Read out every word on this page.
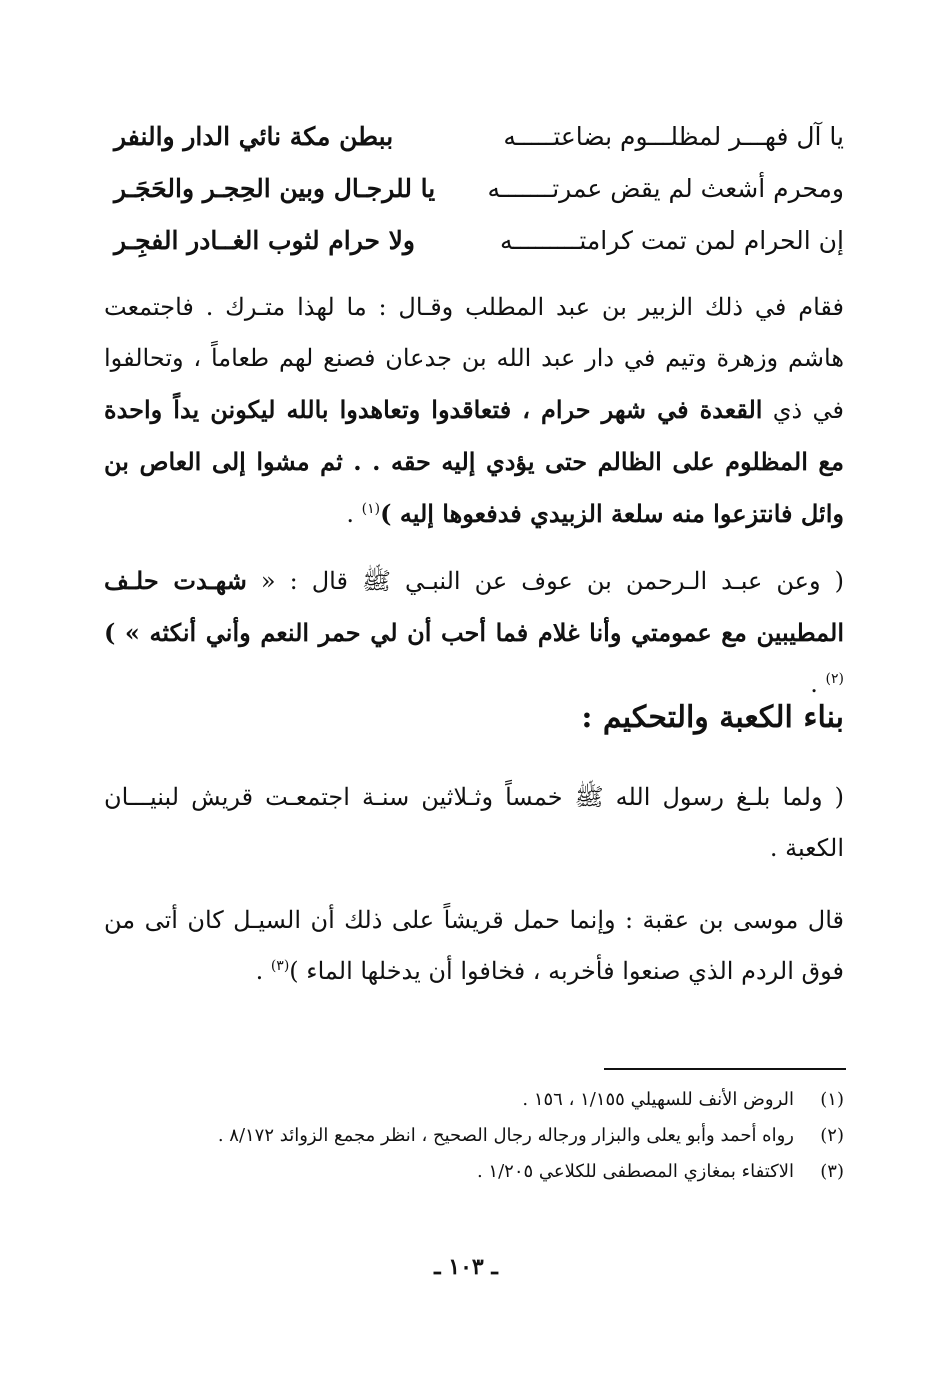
يا آل فهـــر لمظلـــوم بضاعتـــــه
ببطن مكة نائي الدار والنفر
ومحرم أشعث لم يقض عمرتـــــــه
يا للرجـال وبين الحِجـر والحَجَـر
إن الحرام لمن تمت كرامتـــــــــه
ولا حرام لثوب الغــادر الفجِـر
فقام في ذلك الزبير بن عبد المطلب وقـال : ما لهذا متـرك . فاجتمعت هاشم وزهرة وتيم في دار عبد الله بن جدعان فصنع لهم طعاماً ، وتحالفوا في ذي القعدة في شهر حرام ، فتعاقدوا وتعاهدوا بالله ليكونن يداً واحدة مع المظلوم على الظالم حتى يؤدي إليه حقه . . ثم مشوا إلى العاص بن وائل فانتزعوا منه سلعة الزبيدي فدفعوها إليه )$^{(١)}$ .
( وعن عبـد الـرحمن بن عوف عن النبـي ﷺ قال : « شهـدت حلـف المطيبين مع عمومتي وأنا غلام فما أحب أن لي حمر النعم وأني أنكثه » )$^{(٢)}$ .
بناء الكعبة والتحكيم :
( ولما بلـغ رسول الله ﷺ خمساً وثـلاثين سنـة اجتمعـت قريش لبنيـــان الكعبة .
قال موسى بن عقبة : وإنما حمل قريشاً على ذلك أن السيـل كان أتى من فوق الردم الذي صنعوا فأخربه ، فخافوا أن يدخلها الماء )$^{(٣)}$ .
(١)الروض الأنف للسهيلي ١/١٥٥ ، ١٥٦ .
(٢)رواه أحمد وأبو يعلى والبزار ورجاله رجال الصحيح ، انظر مجمع الزوائد ٨/١٧٢ .
(٣)الاكتفاء بمغازي المصطفى للكلاعي ١/٢٠٥ .
ـ ١٠٣ ـ
